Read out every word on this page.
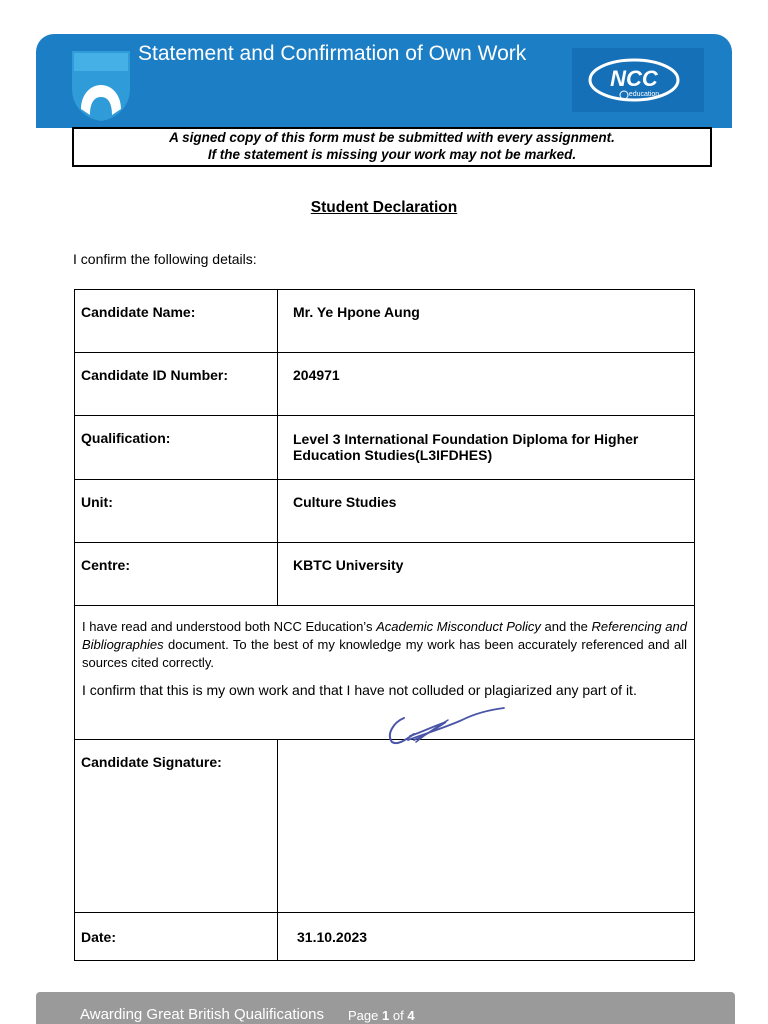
Statement and Confirmation of Own Work
NCC
education
A signed copy of this form must be submitted with every assignment.
If the statement is missing your work may not be marked.
Student Declaration
I confirm the following details:
Candidate Name:	Mr. Ye Hpone Aung
Candidate ID Number:	204971
Qualification:	Level 3 International Foundation Diploma for Higher Education Studies(L3IFDHES)
Unit:	Culture Studies
Centre:	KBTC University

I have read and understood both NCC Education’s Academic Misconduct Policy and the Referencing and Bibliographies document. To the best of my knowledge my work has been accurately referenced and all sources cited correctly.

I confirm that this is my own work and that I have not colluded or plagiarized any part of it.	

Candidate Signature:	
Date:	31.10.2023
Awarding Great British Qualifications Page 1 of 4
